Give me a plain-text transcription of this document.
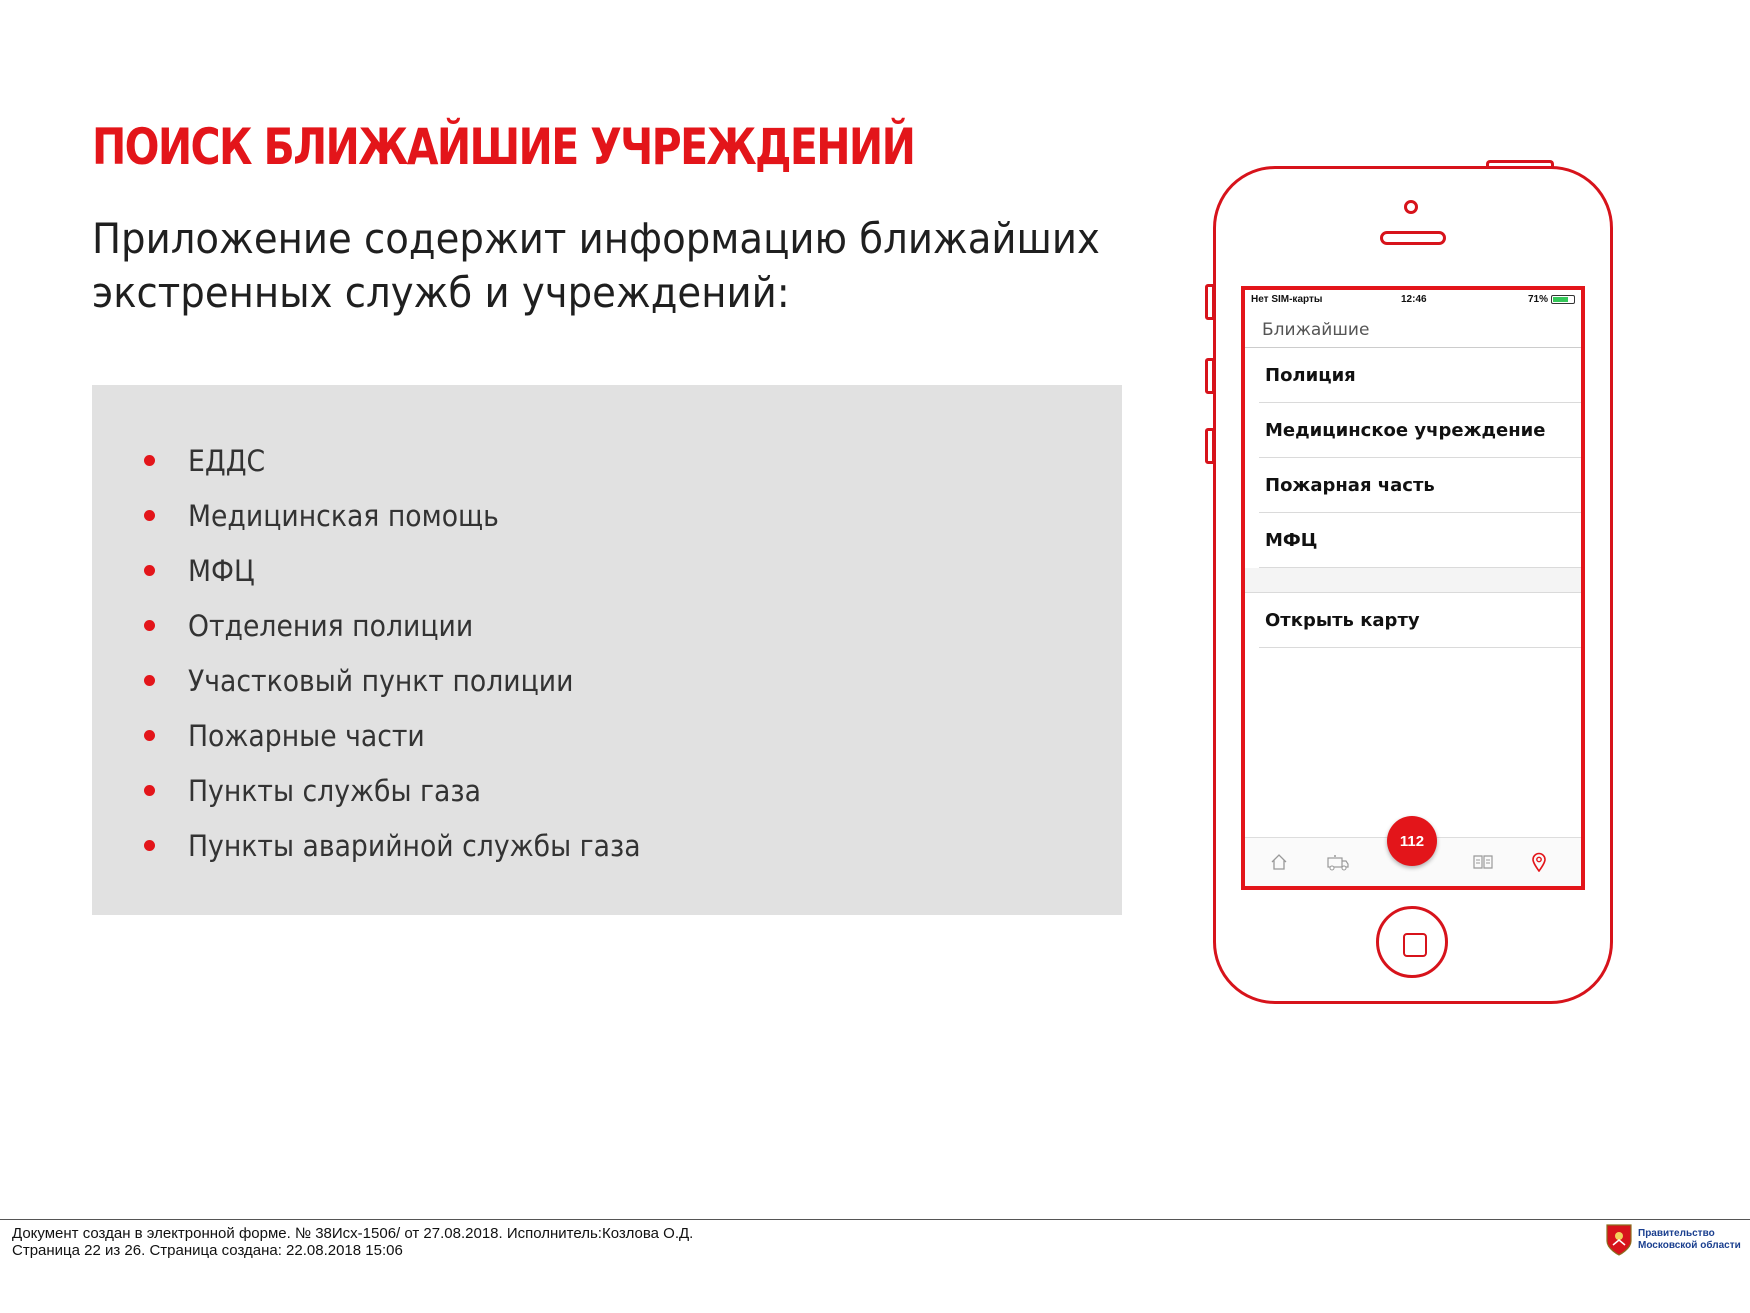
ПОИСК БЛИЖАЙШИЕ УЧРЕЖДЕНИЙ
Приложение содержит информацию ближайших
экстренных служб и учреждений:
ЕДДС
Медицинская помощь
МФЦ
Отделения полиции
Участковый пункт полиции
Пожарные части
Пункты службы газа
Пункты аварийной службы газа
Нет SIM-карты	12:46	71%
Ближайшие
Полиция
Медицинское учреждение
Пожарная часть
МФЦ
Открыть карту
112
Документ создан в электронной форме. № 38Исх-1506/ от 27.08.2018. Исполнитель:Козлова О.Д.
Страница 22 из 26. Страница создана: 22.08.2018 15:06
Правительство
Московской области
